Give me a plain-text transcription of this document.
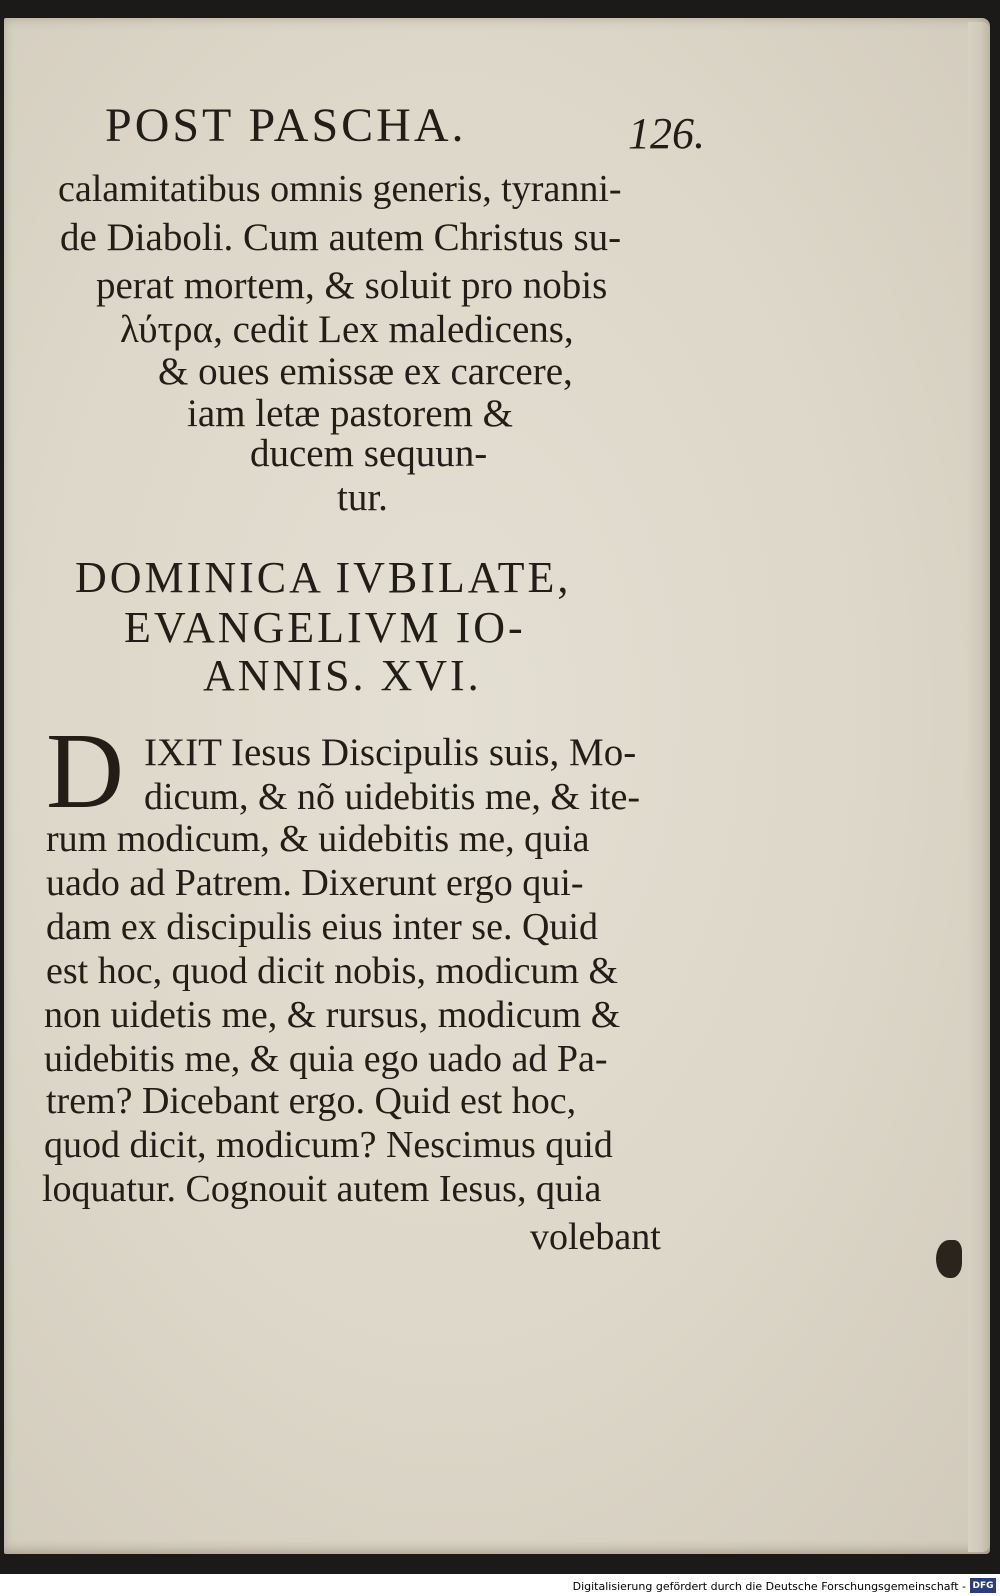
POST PASCHA.	126.
calamitatibus omnis generis, tyranni-
de Diaboli. Cum autem Christus su-
perat mortem, & soluit pro nobis
λύτρα, cedit Lex maledicens,
& oues emissæ ex carcere,
iam letæ pastorem &
ducem sequun-
tur.
DOMINICA IVBILATE,
EVANGELIVM IO-
ANNIS. XVI.
D IXIT Iesus Discipulis suis, Mo-
dicum, & nõ uidebitis me, & ite-
rum modicum, & uidebitis me, quia
uado ad Patrem. Dixerunt ergo qui-
dam ex discipulis eius inter se. Quid
est hoc, quod dicit nobis, modicum &
non uidetis me, & rursus, modicum &
uidebitis me, & quia ego uado ad Pa-
trem? Dicebant ergo. Quid est hoc,
quod dicit, modicum? Nescimus quid
loquatur. Cognouit autem Iesus, quia
volebant
Digitalisierung gefördert durch die Deutsche Forschungsgemeinschaft - DFG
